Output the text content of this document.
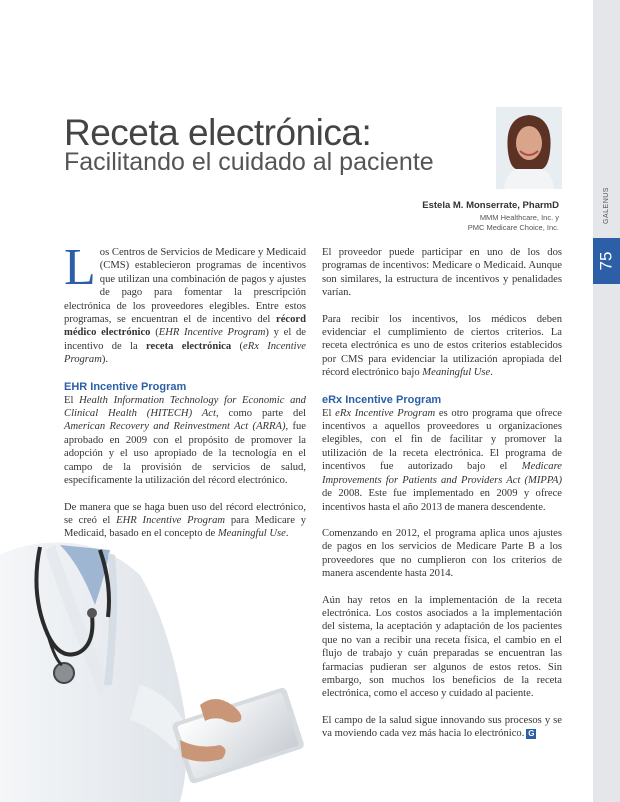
GALENUS
75
Receta electrónica:
Facilitando el cuidado al paciente
Estela M. Monserrate, PharmD
MMM Healthcare, Inc. y
PMC Medicare Choice, Inc.

Los Centros de Servicios de Medicare y Medicaid (CMS) establecieron programas de incentivos que utilizan una combinación de pagos y ajustes de pago para fomentar la prescripción electrónica de los proveedores elegibles. Entre estos programas, se encuentran el de incentivo del récord médico electrónico (EHR Incentive Program) y el de incentivo de la receta electrónica (eRx Incentive Program).

EHR Incentive Program

El Health Information Technology for Economic and Clinical Health (HITECH) Act, como parte del American Recovery and Reinvestment Act (ARRA), fue aprobado en 2009 con el propósito de promover la adopción y el uso apropiado de la tecnología en el campo de la provisión de servicios de salud, específicamente la utilización del récord electrónico.

De manera que se haga buen uso del récord electrónico, se creó el EHR Incentive Program para Medicare y Medicaid, basado en el concepto de Meaningful Use.

El proveedor puede participar en uno de los dos programas de incentivos: Medicare o Medicaid. Aunque son similares, la estructura de incentivos y penalidades varían.

Para recibir los incentivos, los médicos deben evidenciar el cumplimiento de ciertos criterios. La receta electrónica es uno de estos criterios establecidos por CMS para evidenciar la utilización apropiada del récord electrónico bajo Meaningful Use.

eRx Incentive Program

El eRx Incentive Program es otro programa que ofrece incentivos a aquellos proveedores u organizaciones elegibles, con el fin de facilitar y promover la utilización de la receta electrónica. El programa de incentivos fue autorizado bajo el Medicare Improvements for Patients and Providers Act (MIPPA) de 2008. Este fue implementado en 2009 y ofrece incentivos hasta el año 2013 de manera descendente.

Comenzando en 2012, el programa aplica unos ajustes de pagos en los servicios de Medicare Parte B a los proveedores que no cumplieron con los criterios de manera ascendente hasta 2014.

Aún hay retos en la implementación de la receta electrónica. Los costos asociados a la implementación del sistema, la aceptación y adaptación de los pacientes que no van a recibir una receta física, el cambio en el flujo de trabajo y cuán preparadas se encuentran las farmacias pudieran ser algunos de estos retos. Sin embargo, son muchos los beneficios de la receta electrónica, como el acceso y cuidado al paciente.

El campo de la salud sigue innovando sus procesos y se va moviendo cada vez más hacia lo electrónico. G
